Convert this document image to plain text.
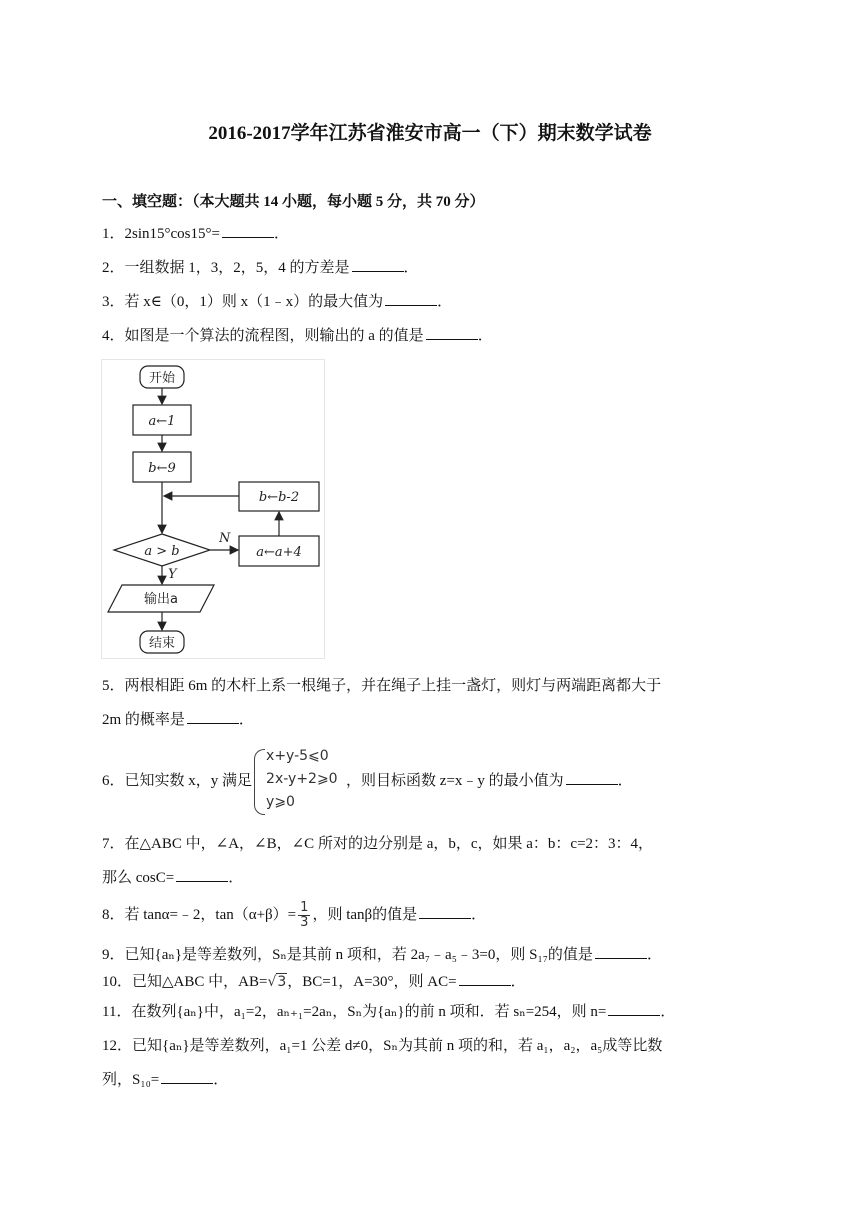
2016-2017学年江苏省淮安市高一（下）期末数学试卷
一、填空题：（本大题共 14 小题，每小题 5 分，共 70 分）
1．2sin15°cos15°=	．
2．一组数据 1，3，2，5，4 的方差是	．
3．若 x∈（0，1）则 x（1﹣x）的最大值为	．
4．如图是一个算法的流程图，则输出的 a 的值是	．
开始
a←1
b←9
a > b
N
a←a+4
b←b-2
Y
输出a
结束
5．两根相距 6m 的木杆上系一根绳子，并在绳子上挂一盏灯，则灯与两端距离都大于
2m 的概率是	．
6．已知实数 x，y 满足
x+y-5⩽0
2x-y+2⩾0
y⩾0
，则目标函数 z=x﹣y 的最小值为	．
7．在△ABC 中，∠A，∠B，∠C 所对的边分别是 a，b，c，如果 a：b：c=2：3：4，
那么 cosC=	．
8．若 tanα=﹣2，$\tan(\alpha+\beta)= \frac{1}{3}$ ，则 tanβ的值是	．
9．已知{aₙ}是等差数列，Sₙ是其前 n 项和，若 2a₇﹣a₅﹣3=0，则 S₁₇的值是	．
10．已知△ABC 中，AB=√3，BC=1，A=30°，则 AC=	．
11．在数列{aₙ}中，a₁=2，aₙ₊₁=2aₙ，Sₙ为{aₙ}的前 n 项和．若 sₙ=254，则 n=	．
12．已知{aₙ}是等差数列，a₁=1 公差 d≠0，Sₙ为其前 n 项的和，若 a₁，a₂，a₅成等比数
列，S₁₀=	．
